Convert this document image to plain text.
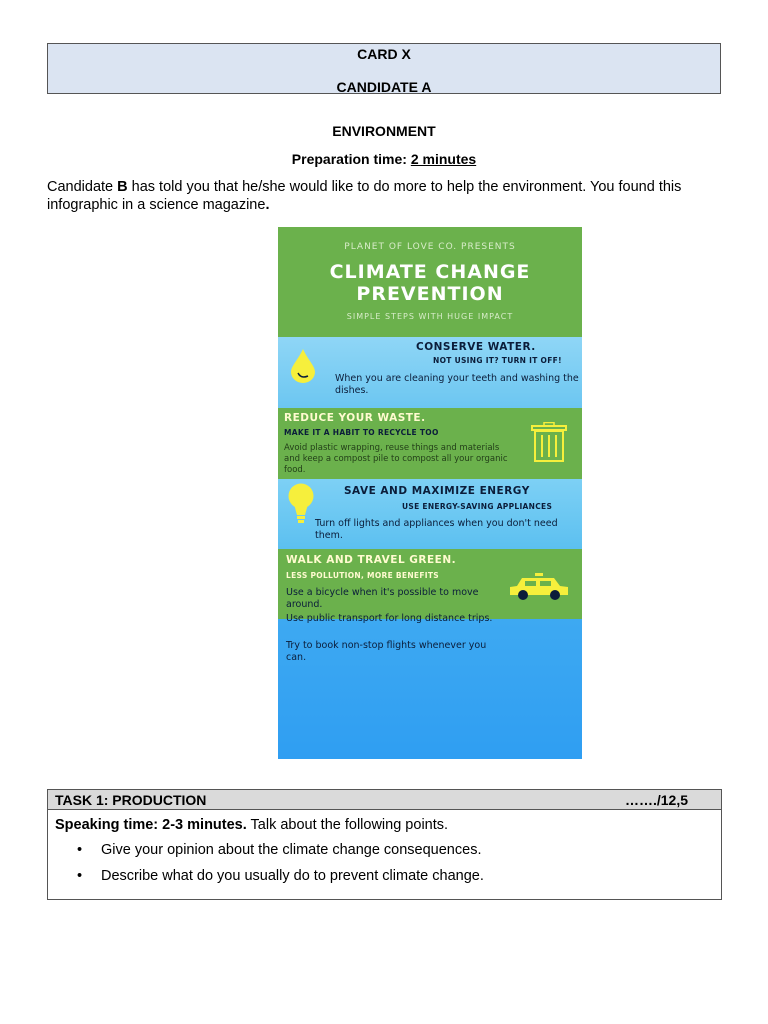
CARD X
CANDIDATE A
ENVIRONMENT
Preparation time: 2 minutes
Candidate B has told you that he/she would like to do more to help the environment. You found this infographic in a science magazine.
PLANET OF LOVE CO. PRESENTS
CLIMATE CHANGE
PREVENTION
SIMPLE STEPS WITH HUGE IMPACT
CONSERVE WATER.
NOT USING IT? TURN IT OFF!
When you are cleaning your teeth and washing the dishes.
REDUCE YOUR WASTE.
MAKE IT A HABIT TO RECYCLE TOO
Avoid plastic wrapping, reuse things and materials and keep a compost pile to compost all your organic food.
SAVE AND MAXIMIZE ENERGY
USE ENERGY-SAVING APPLIANCES
Turn off lights and appliances when you don't need them.
WALK AND TRAVEL GREEN.
LESS POLLUTION, MORE BENEFITS
Use a bicycle when it's possible to move around.
Use public transport for long distance trips.
Try to book non-stop flights whenever you can.
TASK 1: PRODUCTION	……./12,5
Speaking time: 2-3 minutes. Talk about the following points.
• Give your opinion about the climate change consequences.
• Describe what do you usually do to prevent climate change.
